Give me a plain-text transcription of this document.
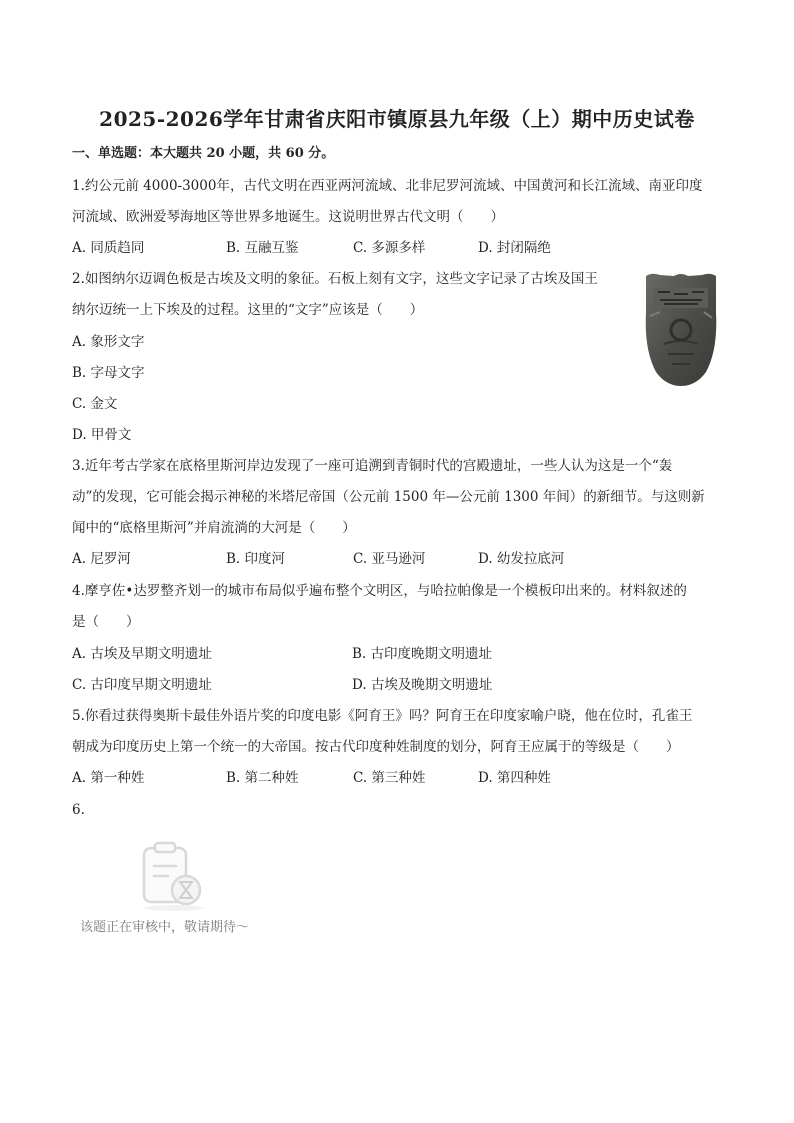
2025-2026学年甘肃省庆阳市镇原县九年级（上）期中历史试卷
一、单选题：本大题共 20 小题，共 60 分。
1.约公元前 4000-3000年，古代文明在西亚两河流域、北非尼罗河流域、中国黄河和长江流域、南亚印度
河流域、欧洲爱琴海地区等世界多地诞生。这说明世界古代文明（　　）
A. 同质趋同	B. 互融互鉴	C. 多源多样	D. 封闭隔绝
2.如图纳尔迈调色板是古埃及文明的象征。石板上刻有文字，这些文字记录了古埃及国王
纳尔迈统一上下埃及的过程。这里的“文字”应该是（　　）
A. 象形文字
B. 字母文字
C. 金文
D. 甲骨文
3.近年考古学家在底格里斯河岸边发现了一座可追溯到青铜时代的宫殿遗址，一些人认为这是一个“轰
动”的发现，它可能会揭示神秘的米塔尼帝国（公元前 1500 年—公元前 1300 年间）的新细节。与这则新
闻中的“底格里斯河”并肩流淌的大河是（　　）
A. 尼罗河	B. 印度河	C. 亚马逊河	D. 幼发拉底河
4.摩亨佐•达罗整齐划一的城市布局似乎遍布整个文明区，与哈拉帕像是一个模板印出来的。材料叙述的
是（　　）
A. 古埃及早期文明遗址	B. 古印度晚期文明遗址
C. 古印度早期文明遗址	D. 古埃及晚期文明遗址
5.你看过获得奥斯卡最佳外语片奖的印度电影《阿育王》吗？阿育王在印度家喻户晓，他在位时，孔雀王
朝成为印度历史上第一个统一的大帝国。按古代印度种姓制度的划分，阿育王应属于的等级是（　　）
A. 第一种姓	B. 第二种姓	C. 第三种姓	D. 第四种姓
6.
该题正在审核中，敬请期待～
